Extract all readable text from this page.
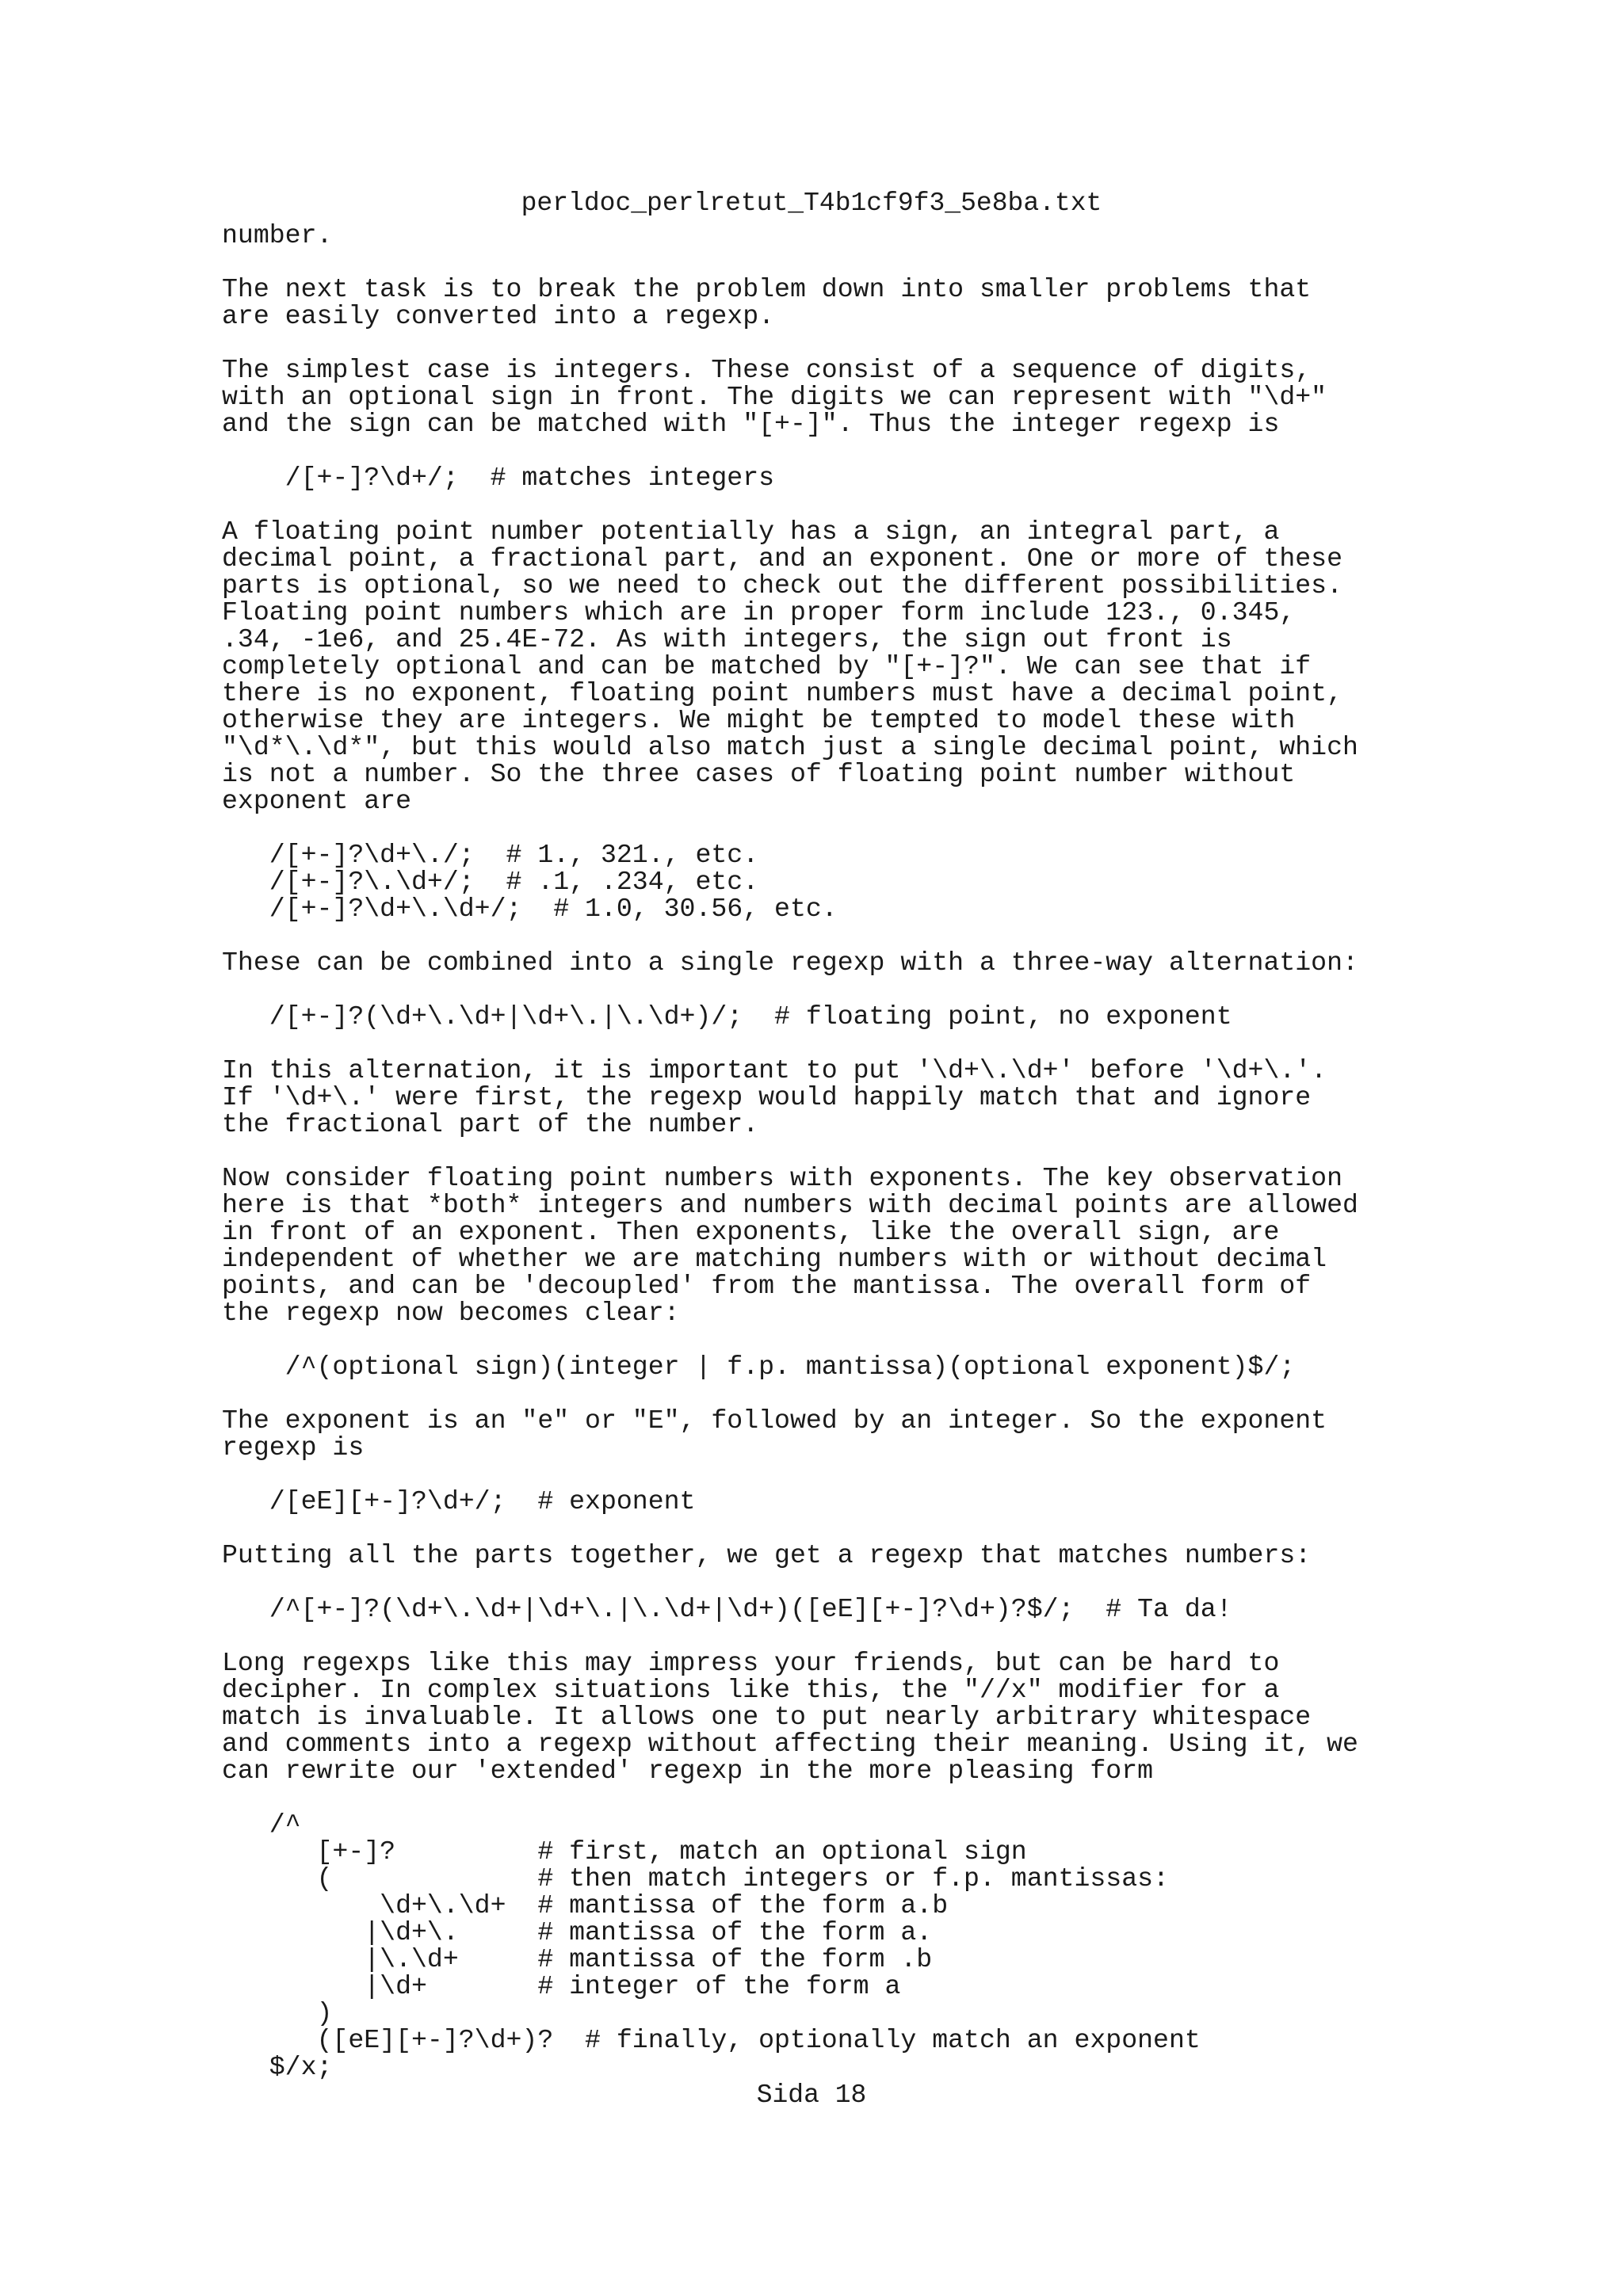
perldoc_perlretut_T4b1cf9f3_5e8ba.txt
number.

The next task is to break the problem down into smaller problems that
are easily converted into a regexp.

The simplest case is integers. These consist of a sequence of digits,
with an optional sign in front. The digits we can represent with "\d+"
and the sign can be matched with "[+-]". Thus the integer regexp is

/[+-]?\d+/;  # matches integers

A floating point number potentially has a sign, an integral part, a
decimal point, a fractional part, and an exponent. One or more of these
parts is optional, so we need to check out the different possibilities.
Floating point numbers which are in proper form include 123., 0.345,
.34, -1e6, and 25.4E-72. As with integers, the sign out front is
completely optional and can be matched by "[+-]?". We can see that if
there is no exponent, floating point numbers must have a decimal point,
otherwise they are integers. We might be tempted to model these with
"\d*\.\d*", but this would also match just a single decimal point, which
is not a number. So the three cases of floating point number without
exponent are

/[+-]?\d+\./;  # 1., 321., etc.
/[+-]?\.\d+/;  # .1, .234, etc.
/[+-]?\d+\.\d+/;  # 1.0, 30.56, etc.

These can be combined into a single regexp with a three-way alternation:

/[+-]?(\d+\.\d+|\d+\.|\.\d+)/;  # floating point, no exponent

In this alternation, it is important to put '\d+\.\d+' before '\d+\.'.
If '\d+\.' were first, the regexp would happily match that and ignore
the fractional part of the number.

Now consider floating point numbers with exponents. The key observation
here is that *both* integers and numbers with decimal points are allowed
in front of an exponent. Then exponents, like the overall sign, are
independent of whether we are matching numbers with or without decimal
points, and can be 'decoupled' from the mantissa. The overall form of
the regexp now becomes clear:

/^(optional sign)(integer | f.p. mantissa)(optional exponent)$/;

The exponent is an "e" or "E", followed by an integer. So the exponent
regexp is

/[eE][+-]?\d+/;  # exponent

Putting all the parts together, we get a regexp that matches numbers:

/^[+-]?(\d+\.\d+|\d+\.|\.\d+|\d+)([eE][+-]?\d+)?$/;  # Ta da!

Long regexps like this may impress your friends, but can be hard to
decipher. In complex situations like this, the "//x" modifier for a
match is invaluable. It allows one to put nearly arbitrary whitespace
and comments into a regexp without affecting their meaning. Using it, we
can rewrite our 'extended' regexp in the more pleasing form

/^
[+-]?         # first, match an optional sign
(             # then match integers or f.p. mantissas:
\d+\.\d+  # mantissa of the form a.b
|\d+\.     # mantissa of the form a.
|\.\d+     # mantissa of the form .b
|\d+       # integer of the form a
)
([eE][+-]?\d+)?  # finally, optionally match an exponent
$/x;
Sida 18
